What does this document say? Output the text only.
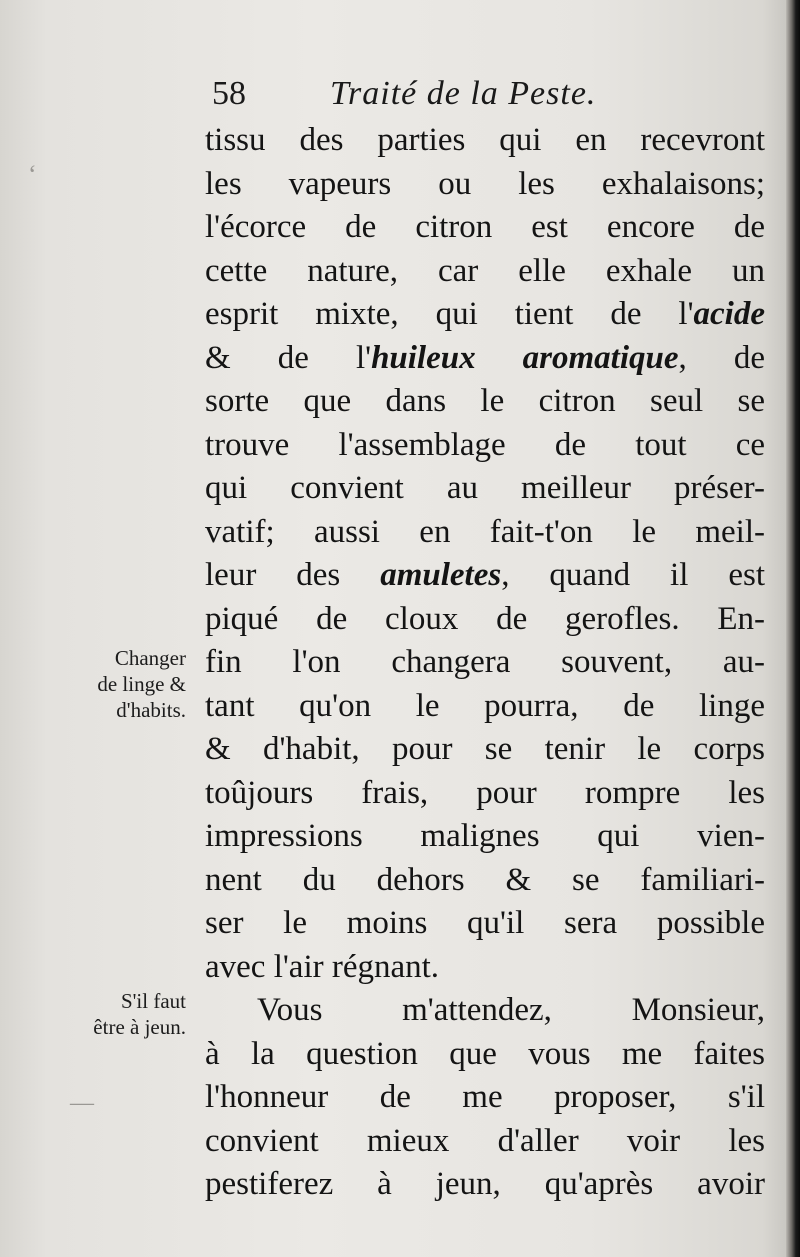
58 Traité de la Peste.
tissu des parties qui en recevront
les vapeurs ou les exhalaisons;
l'écorce de citron est encore de
cette nature, car elle exhale un
esprit mixte, qui tient de l'acide
& de l'huileux aromatique, de
sorte que dans le citron seul se
trouve l'assemblage de tout ce
qui convient au meilleur préser-
vatif; aussi en fait-t'on le meil-
leur des amuletes, quand il est
piqué de cloux de gerofles. En-
fin l'on changera souvent, au-
tant qu'on le pourra, de linge
& d'habit, pour se tenir le corps
toûjours frais, pour rompre les
impressions malignes qui vien-
nent du dehors & se familiari-
ser le moins qu'il sera possible
avec l'air régnant.
Vous m'attendez, Monsieur,
à la question que vous me faites
l'honneur de me proposer, s'il
convient mieux d'aller voir les
pestiferez à jeun, qu'après avoir
Changer
de linge &
d'habits.
S'il faut
être à jeun.
‘
—
